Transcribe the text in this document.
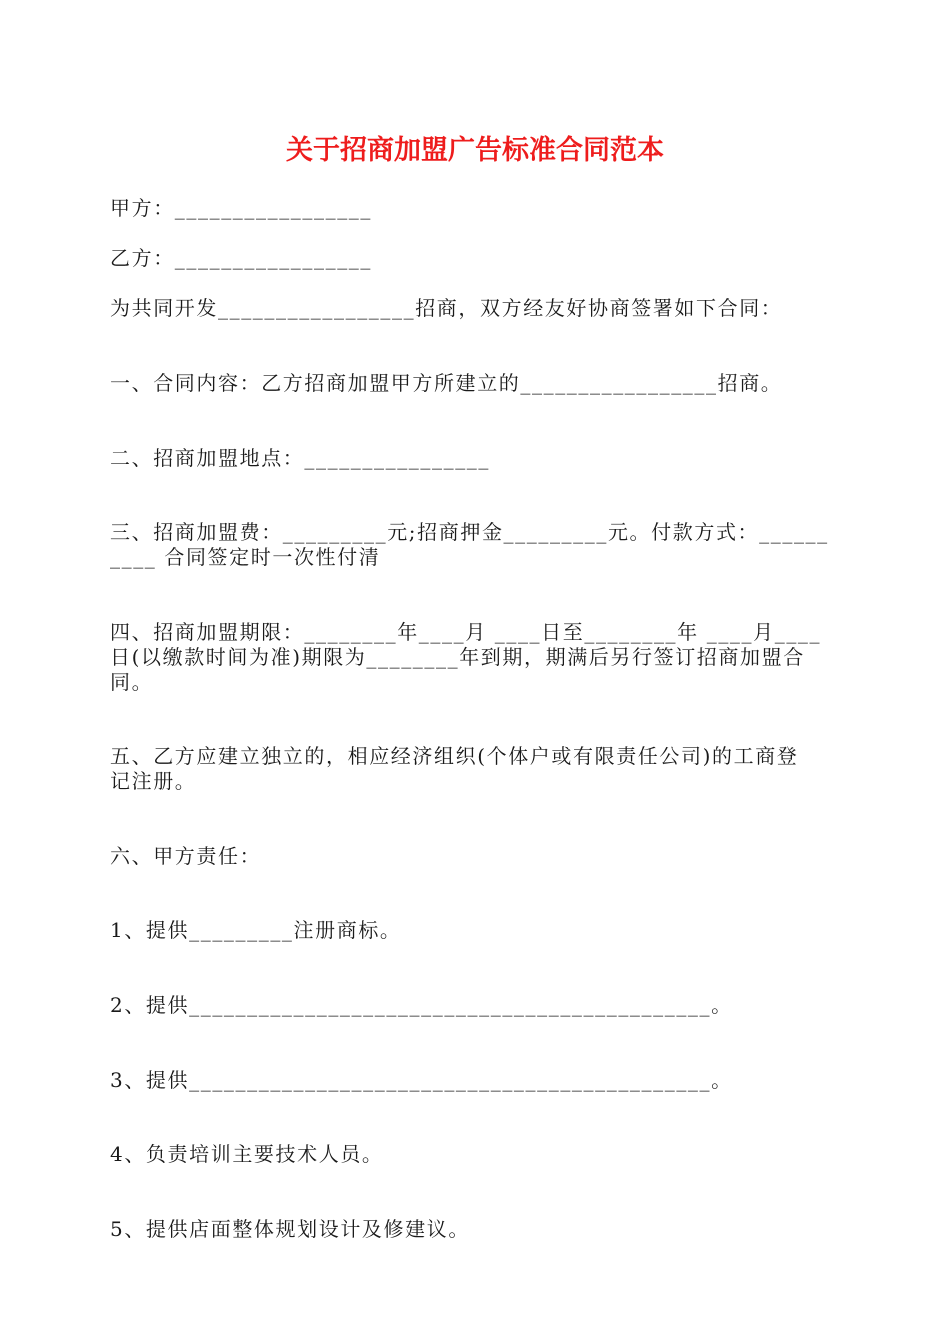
关于招商加盟广告标准合同范本

甲方：_________________

乙方：_________________

为共同开发_________________招商，双方经友好协商签署如下合同：

一、合同内容：乙方招商加盟甲方所建立的_________________招商。

二、招商加盟地点：________________

三、招商加盟费：_________元;招商押金_________元。付款方式：______

____ 合同签定时一次性付清

四、招商加盟期限：________年____月 ____日至________年 ____月____

日(以缴款时间为准)期限为________年到期，期满后另行签订招商加盟合

同。

五、乙方应建立独立的，相应经济组织(个体户或有限责任公司)的工商登

记注册。

六、甲方责任：

1、提供_________注册商标。

2、提供_____________________________________________。

3、提供_____________________________________________。

4、负责培训主要技术人员。

5、提供店面整体规划设计及修建议。
